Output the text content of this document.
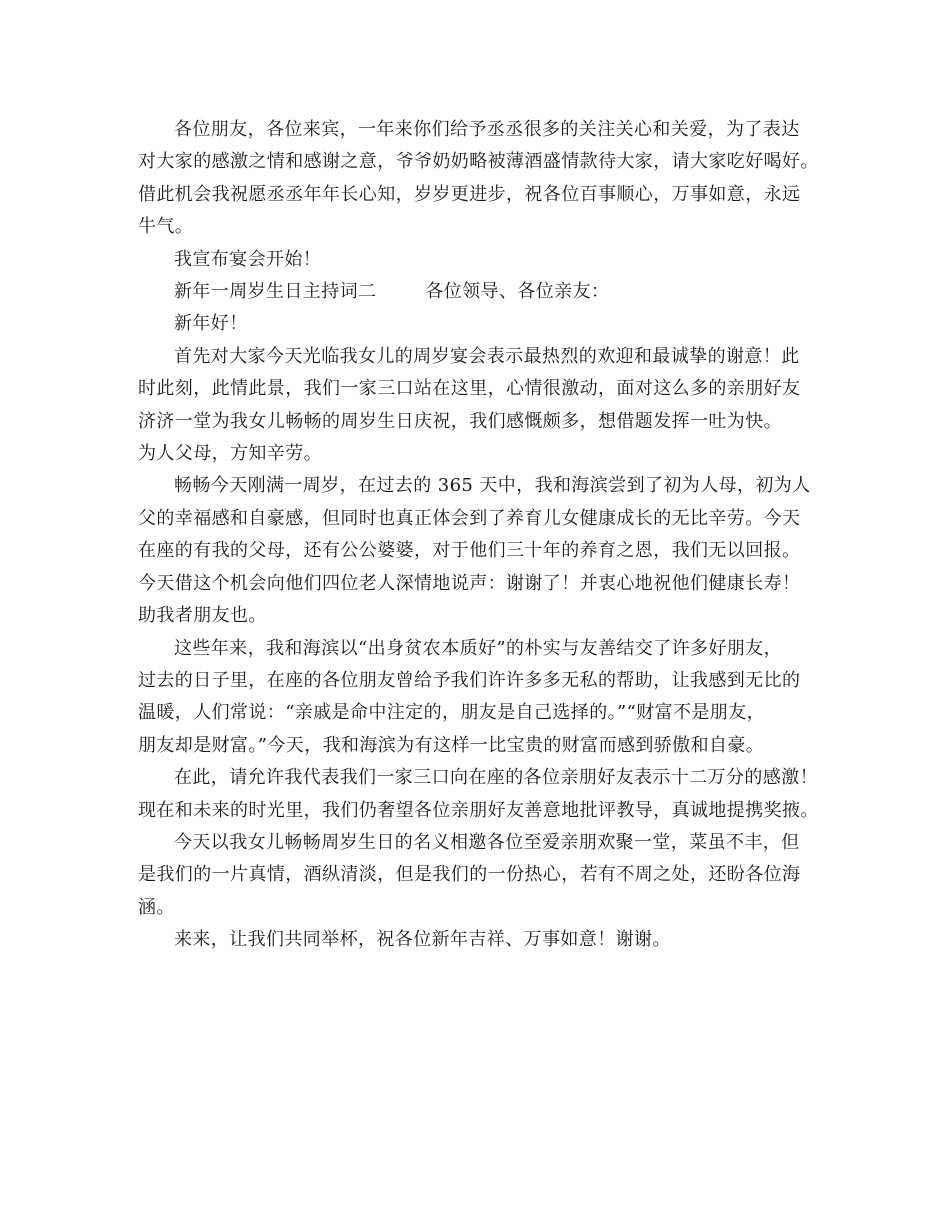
各位朋友，各位来宾，一年来你们给予丞丞很多的关注关心和关爱，为了表达
对大家的感激之情和感谢之意，爷爷奶奶略被薄酒盛情款待大家，请大家吃好喝好。
借此机会我祝愿丞丞年年长心知，岁岁更进步，祝各位百事顺心，万事如意，永远
牛气。
我宣布宴会开始！
新年一周岁生日主持词二        各位领导、各位亲友：
新年好！
首先对大家今天光临我女儿的周岁宴会表示最热烈的欢迎和最诚挚的谢意！此
时此刻，此情此景，我们一家三口站在这里，心情很激动，面对这么多的亲朋好友
济济一堂为我女儿畅畅的周岁生日庆祝，我们感慨颇多，想借题发挥一吐为快。
为人父母，方知辛劳。
畅畅今天刚满一周岁，在过去的 365 天中，我和海滨尝到了初为人母，初为人
父的幸福感和自豪感，但同时也真正体会到了养育儿女健康成长的无比辛劳。今天
在座的有我的父母，还有公公婆婆，对于他们三十年的养育之恩，我们无以回报。
今天借这个机会向他们四位老人深情地说声：谢谢了！并衷心地祝他们健康长寿！
助我者朋友也。
这些年来，我和海滨以“出身贫农本质好”的朴实与友善结交了许多好朋友，
过去的日子里，在座的各位朋友曾给予我们许许多多无私的帮助，让我感到无比的
温暖，人们常说：“亲戚是命中注定的，朋友是自己选择的。”“财富不是朋友，
朋友却是财富。”今天，我和海滨为有这样一比宝贵的财富而感到骄傲和自豪。
在此，请允许我代表我们一家三口向在座的各位亲朋好友表示十二万分的感激！
现在和未来的时光里，我们仍奢望各位亲朋好友善意地批评教导，真诚地提携奖掖。
今天以我女儿畅畅周岁生日的名义相邀各位至爱亲朋欢聚一堂，菜虽不丰，但
是我们的一片真情，酒纵清淡，但是我们的一份热心，若有不周之处，还盼各位海
涵。
来来，让我们共同举杯，祝各位新年吉祥、万事如意！谢谢。
